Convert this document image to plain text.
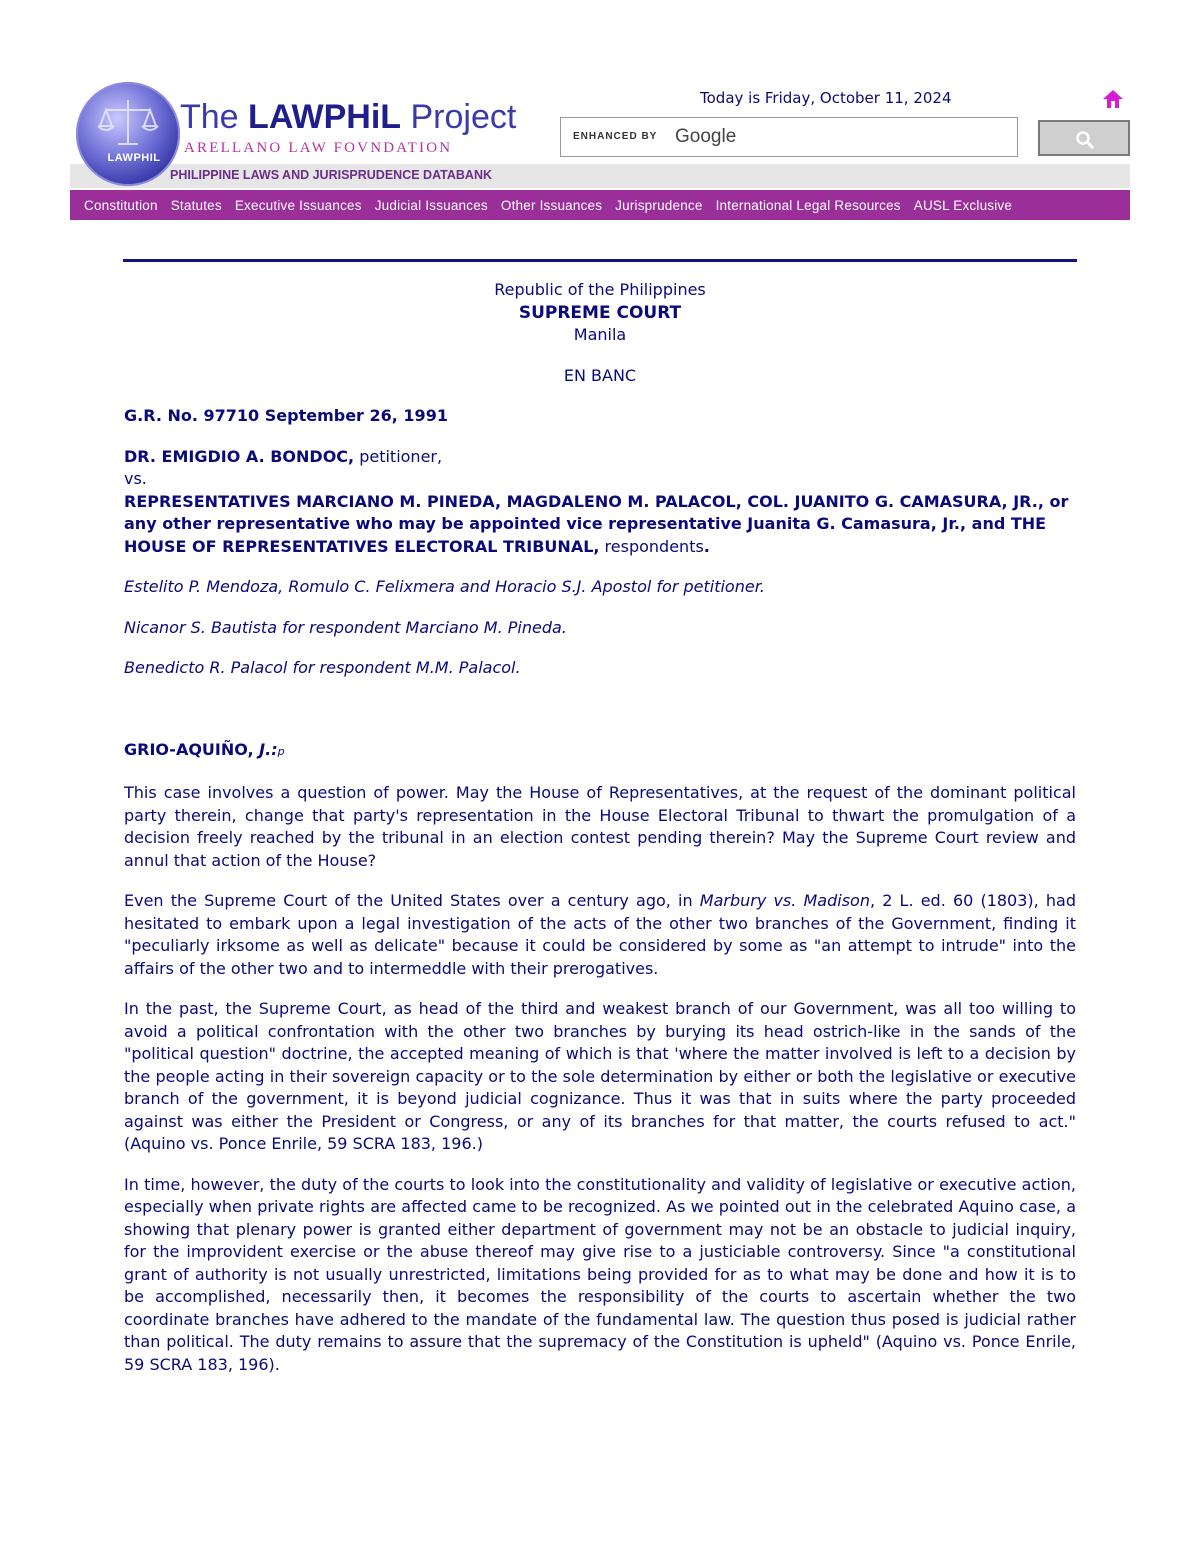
PHILIPPINE LAWS AND JURISPRUDENCE DATABANK
LAWPHIL
The LAWPHiL Project
ARELLANO LAW FOVNDATION
Today is Friday, October 11, 2024
ENHANCED BY Google
Constitution Statutes Executive Issuances Judicial Issuances Other Issuances Jurisprudence International Legal Resources AUSL Exclusive

Republic of the Philippines

SUPREME COURT

Manila

EN BANC

G.R. No. 97710 September 26, 1991

DR. EMIGDIO A. BONDOC, petitioner,

vs.

REPRESENTATIVES MARCIANO M. PINEDA, MAGDALENO M. PALACOL, COL. JUANITO G. CAMASURA, JR., or any other representative who may be appointed vice representative Juanita G. Camasura, Jr., and THE HOUSE OF REPRESENTATIVES ELECTORAL TRIBUNAL, respondents.

Estelito P. Mendoza, Romulo C. Felixmera and Horacio S.J. Apostol for petitioner.

Nicanor S. Bautista for respondent Marciano M. Pineda.

Benedicto R. Palacol for respondent M.M. Palacol.

GRIO-AQUIÑO, J.:p

This case involves a question of power. May the House of Representatives, at the request of the dominant political party therein, change that party's representation in the House Electoral Tribunal to thwart the promulgation of a decision freely reached by the tribunal in an election contest pending therein? May the Supreme Court review and annul that action of the House?

Even the Supreme Court of the United States over a century ago, in Marbury vs. Madison, 2 L. ed. 60 (1803), had hesitated to embark upon a legal investigation of the acts of the other two branches of the Government, finding it "peculiarly irksome as well as delicate" because it could be considered by some as "an attempt to intrude" into the affairs of the other two and to intermeddle with their prerogatives.

In the past, the Supreme Court, as head of the third and weakest branch of our Government, was all too willing to avoid a political confrontation with the other two branches by burying its head ostrich-like in the sands of the "political question" doctrine, the accepted meaning of which is that 'where the matter involved is left to a decision by the people acting in their sovereign capacity or to the sole determination by either or both the legislative or executive branch of the government, it is beyond judicial cognizance. Thus it was that in suits where the party proceeded against was either the President or Congress, or any of its branches for that matter, the courts refused to act." (Aquino vs. Ponce Enrile, 59 SCRA 183, 196.)

In time, however, the duty of the courts to look into the constitutionality and validity of legislative or executive action, especially when private rights are affected came to be recognized. As we pointed out in the celebrated Aquino case, a showing that plenary power is granted either department of government may not be an obstacle to judicial inquiry, for the improvident exercise or the abuse thereof may give rise to a justiciable controversy. Since "a constitutional grant of authority is not usually unrestricted, limitations being provided for as to what may be done and how it is to be accomplished, necessarily then, it becomes the responsibility of the courts to ascertain whether the two coordinate branches have adhered to the mandate of the fundamental law. The question thus posed is judicial rather than political. The duty remains to assure that the supremacy of the Constitution is upheld" (Aquino vs. Ponce Enrile, 59 SCRA 183, 196).
